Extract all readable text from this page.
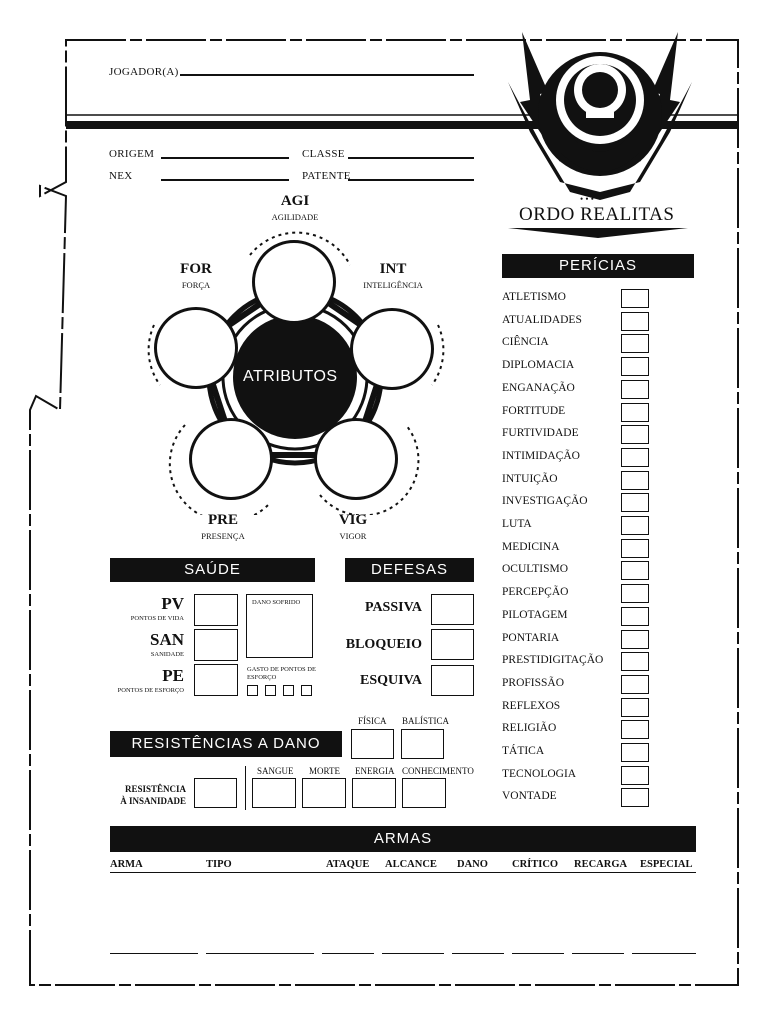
JOGADOR(A)
ORIGEM	CLASSE
NEX	PATENTE
• • •
ORDO REALITAS
ATRIBUTOS
AGI
AGILIDADE
INT
INTELIGÊNCIA
FOR
FORÇA
PRE
PRESENÇA
VIG
VIGOR
PERÍCIAS
ATLETISMO
ATUALIDADES
CIÊNCIA
DIPLOMACIA
ENGANAÇÃO
FORTITUDE
FURTIVIDADE
INTIMIDAÇÃO
INTUIÇÃO
INVESTIGAÇÃO
LUTA
MEDICINA
OCULTISMO
PERCEPÇÃO
PILOTAGEM
PONTARIA
PRESTIDIGITAÇÃO
PROFISSÃO
REFLEXOS
RELIGIÃO
TÁTICA
TECNOLOGIA
VONTADE
SAÚDE
PV
PONTOS DE VIDA
SAN
SANIDADE
PE
PONTOS DE ESFORÇO
DANO SOFRIDO
GASTO DE PONTOS DE ESFORÇO
DEFESAS
PASSIVA
BLOQUEIO
ESQUIVA
RESISTÊNCIAS A DANO
FÍSICA BALÍSTICA
RESISTÊNCIA
À INSANIDADE
SANGUE MORTE ENERGIA CONHECIMENTO
ARMAS
ARMA	TIPO	ATAQUE ALCANCE DANO CRÍTICO RECARGA ESPECIAL
